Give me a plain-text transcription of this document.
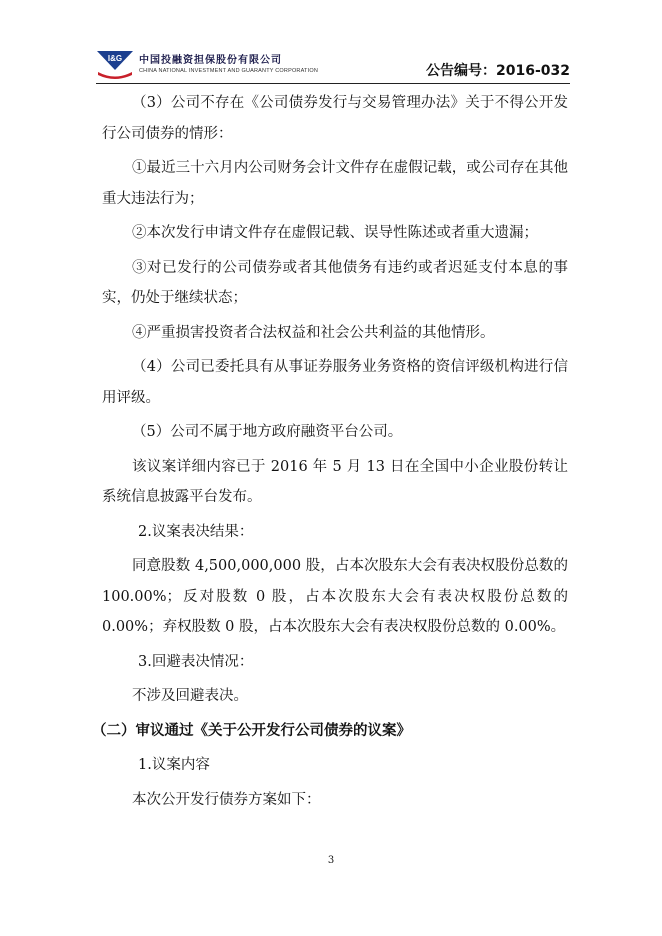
I&G 中国投融资担保股份有限公司
CHINA NATIONAL INVESTMENT AND GUARANTY CORPORATION	公告编号：2016-032

（3）公司不存在《公司债券发行与交易管理办法》关于不得公开发行公司债券的情形：

①最近三十六月内公司财务会计文件存在虚假记载，或公司存在其他重大违法行为；

②本次发行申请文件存在虚假记载、误导性陈述或者重大遗漏；

③对已发行的公司债券或者其他债务有违约或者迟延支付本息的事实，仍处于继续状态；

④严重损害投资者合法权益和社会公共利益的其他情形。

（4）公司已委托具有从事证券服务业务资格的资信评级机构进行信用评级。

（5）公司不属于地方政府融资平台公司。

该议案详细内容已于 2016 年 5 月 13 日在全国中小企业股份转让系统信息披露平台发布。

2.议案表决结果：

同意股数 4,500,000,000 股，占本次股东大会有表决权股份总数的 100.00%；反对股数 0 股，占本次股东大会有表决权股份总数的 0.00%；弃权股数 0 股，占本次股东大会有表决权股份总数的 0.00%。

3.回避表决情况：

不涉及回避表决。

（二）审议通过《关于公开发行公司债券的议案》

1.议案内容

本次公开发行债券方案如下：

3
